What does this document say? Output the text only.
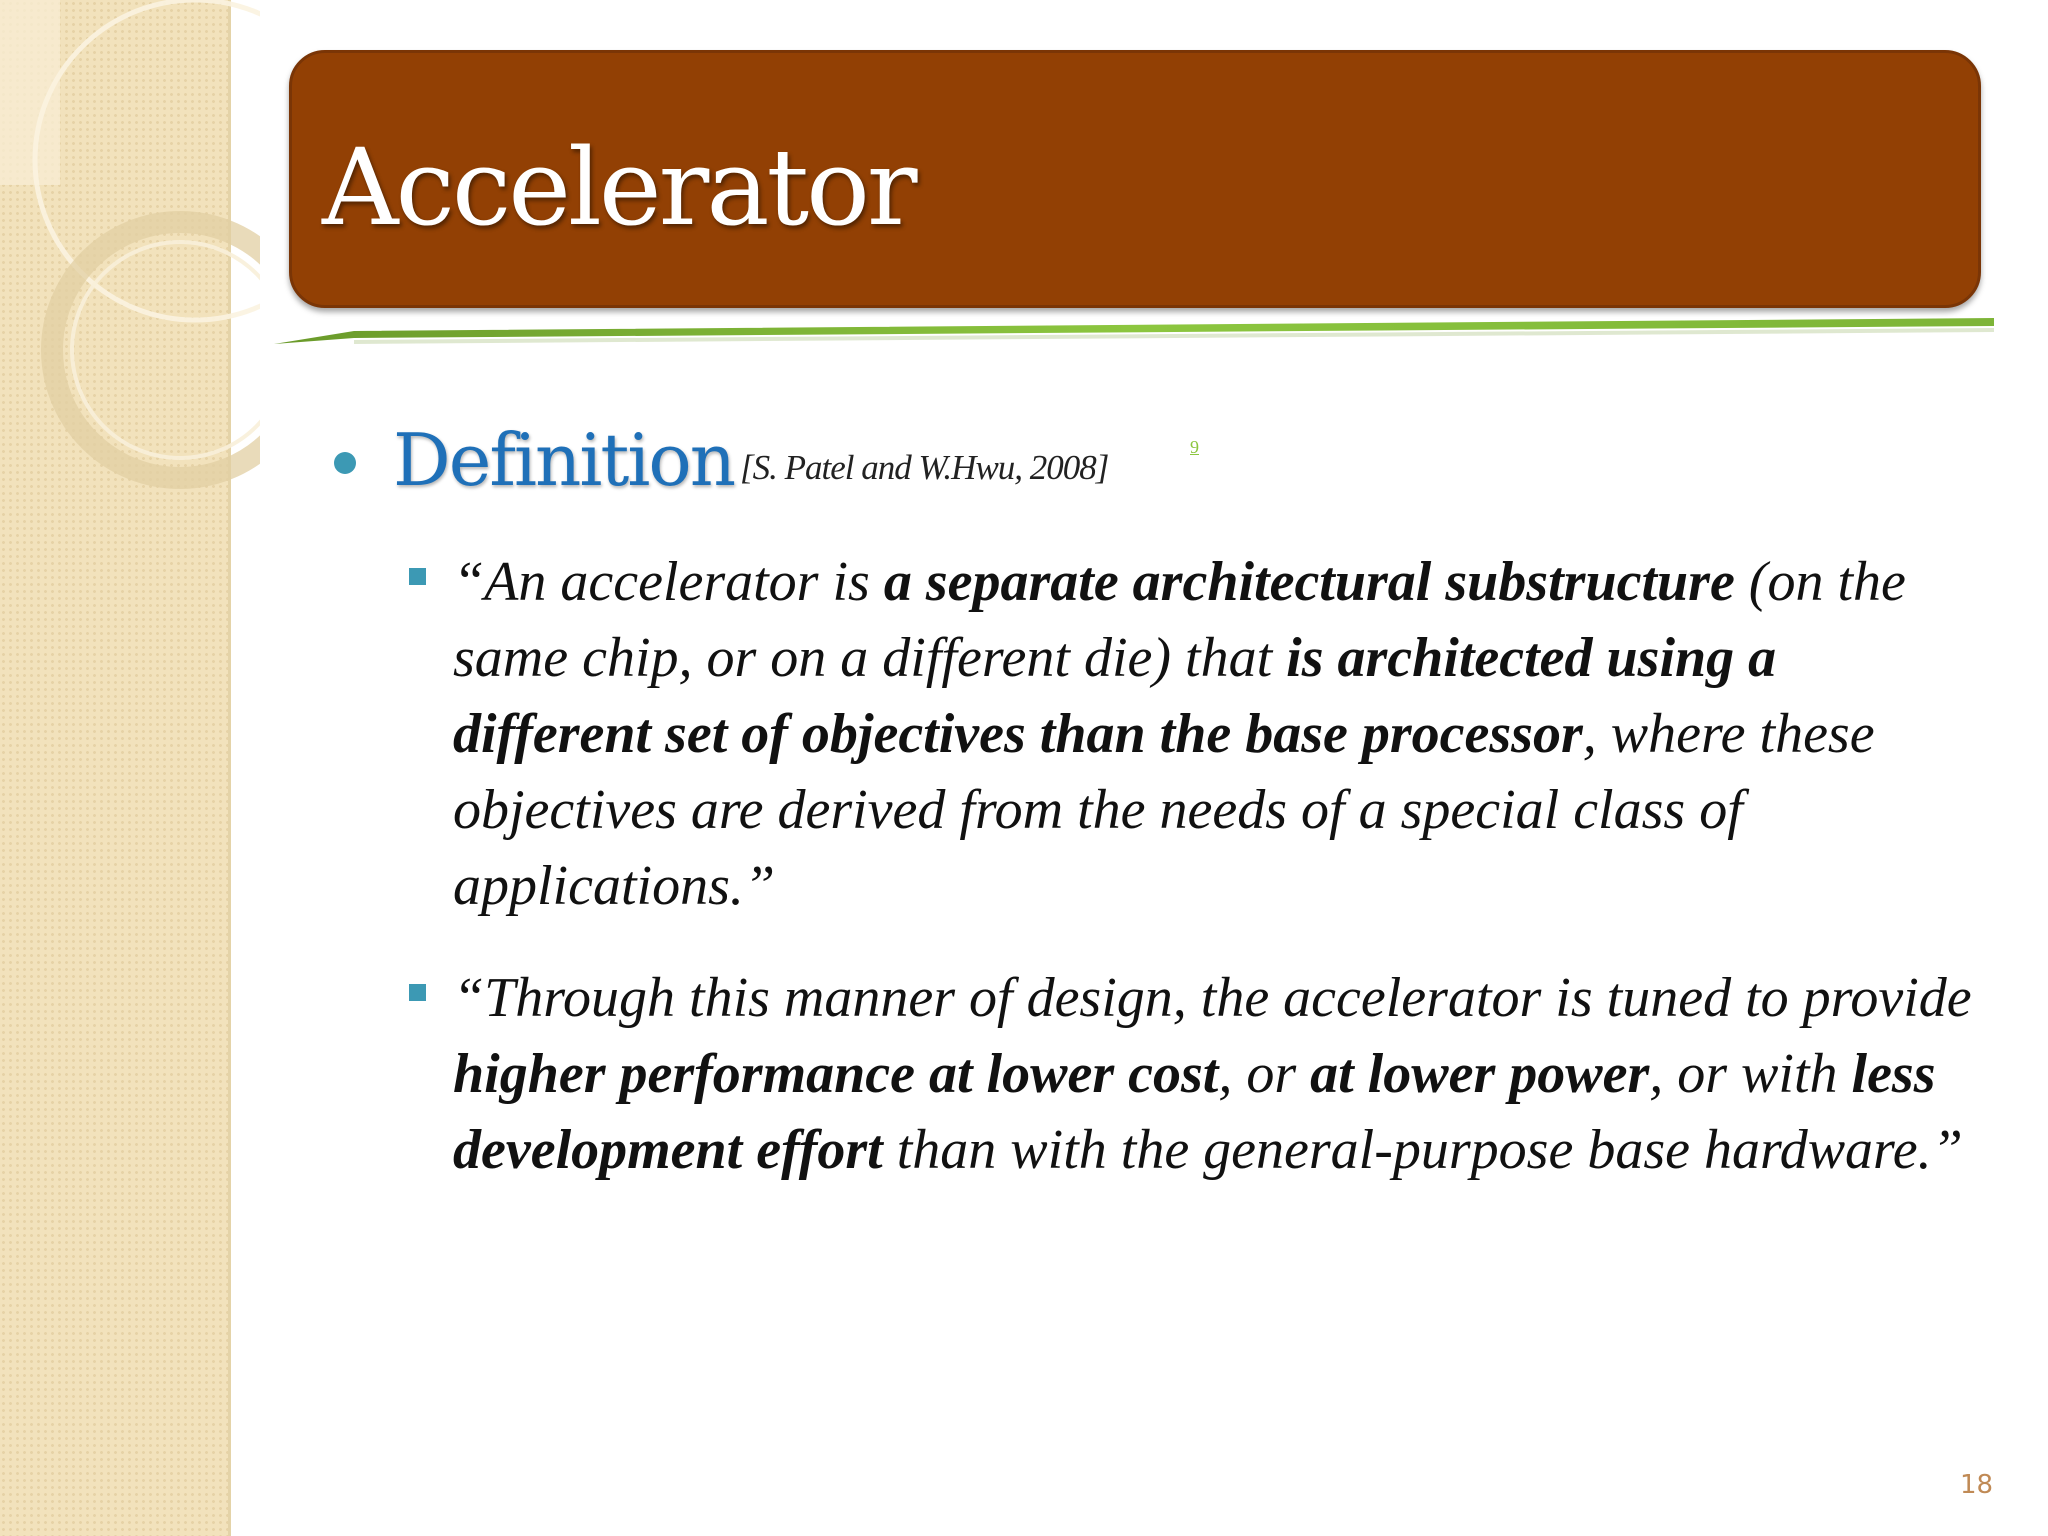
Accelerator
Definition [S. Patel and W.Hwu, 2008]
9

“An accelerator is a separate architectural substructure (on the same chip, or on a different die) that is architected using a different set of objectives than the base processor, where these objectives are derived from the needs of a special class of applications.”

“Through this manner of design, the accelerator is tuned to provide higher performance at lower cost, or at lower power, or with less development effort than with the general-purpose base hardware.”

18
